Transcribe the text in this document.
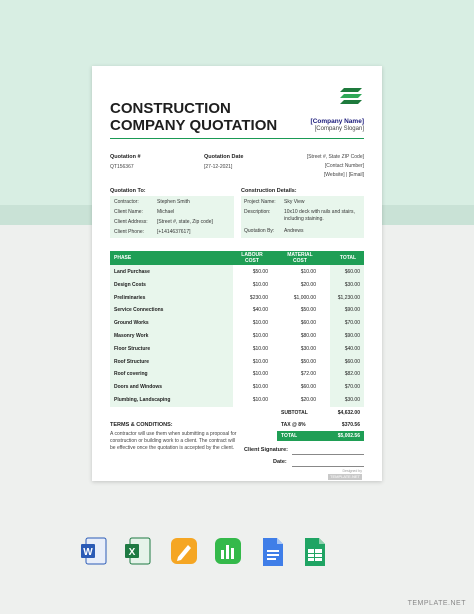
CONSTRUCTION
COMPANY QUOTATION	[Company Name]
[Company Slogan]
Quotation #
QT156367
Quotation Date
[27-12-2021]
[Street #, State ZIP Code]
[Contact Number]
[Website] | [Email]
Quotation To:
Contractor:	Stephen Smith
Client Name:	Michael
Client Address: [Street #, state, Zip code]
Client Phone:	[+1414637617]
Construction Details:
Project Name: Sky View
Description:	10x10 deck with rails and stairs,
including staining.
Quotation By: Andrews
PHASE	LABOUR
COST
MATERIAL
COST	TOTAL
Land Purchase	$50.00	$10.00	$60.00
Design Costs	$10.00	$20.00	$30.00
Preliminaries	$230.00	$1,000.00	$1,230.00
Service Connections	$40.00	$50.00	$90.00
Ground Works	$10.00	$60.00	$70.00
Masonry Work	$10.00	$80.00	$90.00
Floor Structure	$10.00	$30.00	$40.00
Roof Structure	$10.00	$50.00	$60.00
Roof covering	$10.00	$72.00	$82.00
Doors and Windows	$10.00	$60.00	$70.00
Plumbing, Landscaping	$10.00	$20.00	$30.00
SUBTOTAL	$4,632.00
TAX @ 8%	$370.56
TOTAL	$5,002.56
TERMS & CONDITIONS:
A contractor will use them when submitting a proposal for construction or building work to a client. The contract will be effective once the quotation is accepted by the client.	Client Signature:
Date:
Designed by
TEMPLATE.NET
W	X
TEMPLATE.NET
